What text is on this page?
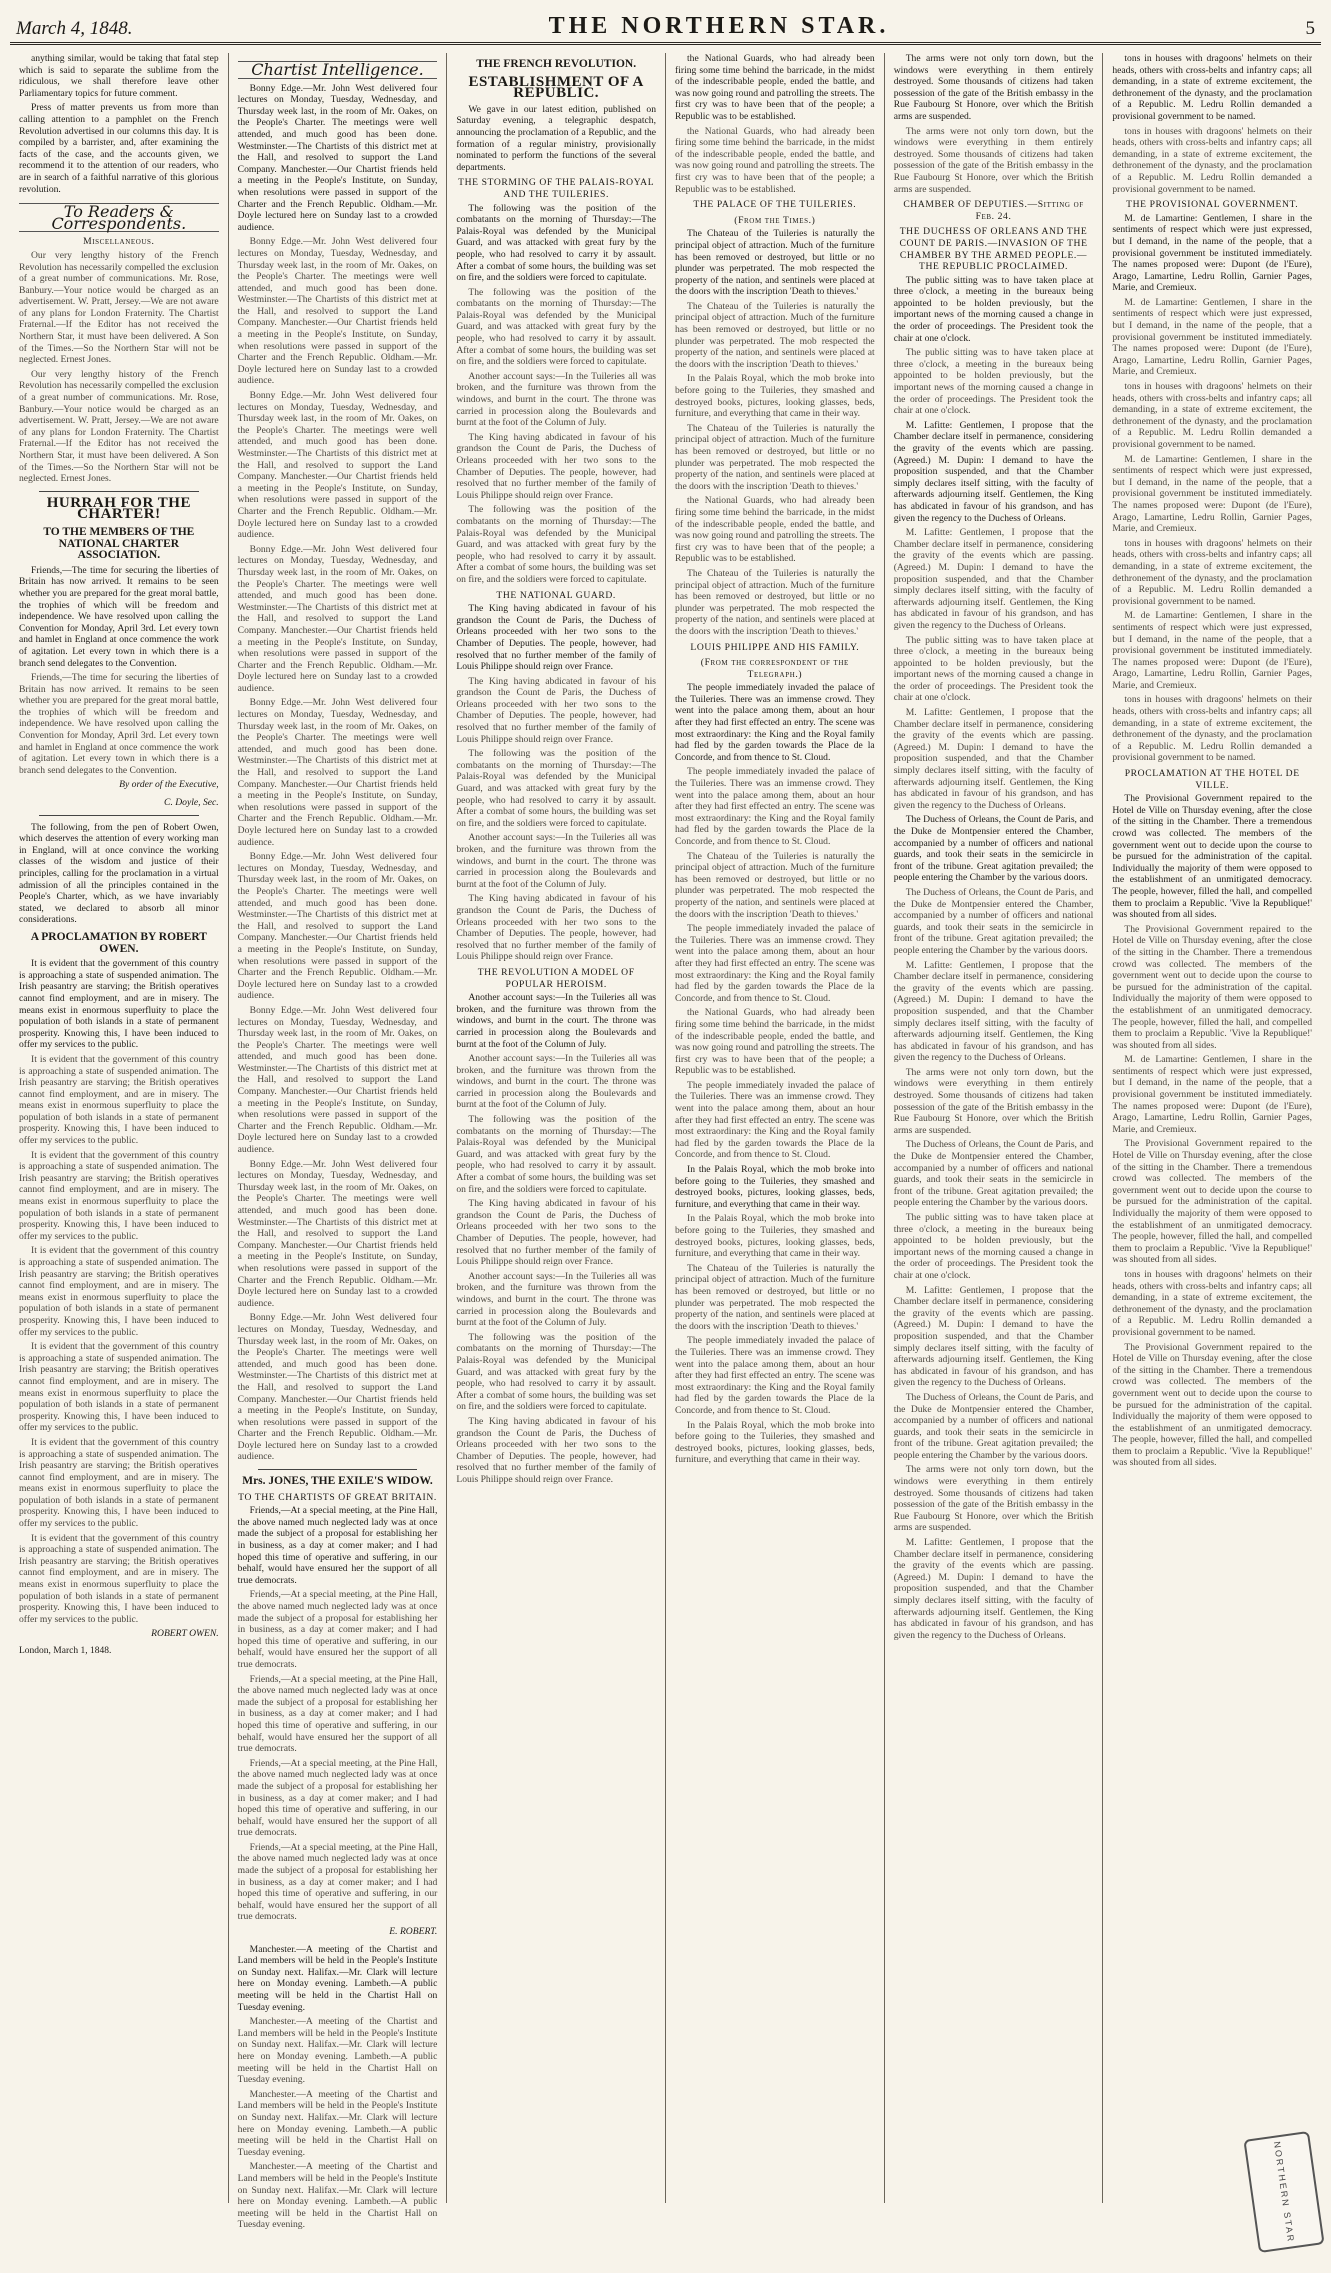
March 4, 1848.	THE NORTHERN STAR.	5

anything similar, would be taking that fatal step which is said to separate the sublime from the ridiculous, we shall therefore leave other Parliamentary topics for future comment.

Press of matter prevents us from more than calling attention to a pamphlet on the French Revolution advertised in our columns this day. It is compiled by a barrister, and, after examining the facts of the case, and the accounts given, we recommend it to the attention of our readers, who are in search of a faithful narrative of this glorious revolution.

To Readers & Correspondents.
Miscellaneous.

Our very lengthy history of the French Revolution has necessarily compelled the exclusion of a great number of communications. Mr. Rose, Banbury.—Your notice would be charged as an advertisement. W. Pratt, Jersey.—We are not aware of any plans for London Fraternity. The Chartist Fraternal.—If the Editor has not received the Northern Star, it must have been delivered. A Son of the Times.—So the Northern Star will not be neglected. Ernest Jones.

Our very lengthy history of the French Revolution has necessarily compelled the exclusion of a great number of communications. Mr. Rose, Banbury.—Your notice would be charged as an advertisement. W. Pratt, Jersey.—We are not aware of any plans for London Fraternity. The Chartist Fraternal.—If the Editor has not received the Northern Star, it must have been delivered. A Son of the Times.—So the Northern Star will not be neglected. Ernest Jones.

HURRAH FOR THE CHARTER!
TO THE MEMBERS OF THE NATIONAL CHARTER ASSOCIATION.

Friends,—The time for securing the liberties of Britain has now arrived. It remains to be seen whether you are prepared for the great moral battle, the trophies of which will be freedom and independence. We have resolved upon calling the Convention for Monday, April 3rd. Let every town and hamlet in England at once commence the work of agitation. Let every town in which there is a branch send delegates to the Convention.

Friends,—The time for securing the liberties of Britain has now arrived. It remains to be seen whether you are prepared for the great moral battle, the trophies of which will be freedom and independence. We have resolved upon calling the Convention for Monday, April 3rd. Let every town and hamlet in England at once commence the work of agitation. Let every town in which there is a branch send delegates to the Convention.

By order of the Executive,
C. Doyle, Sec.

The following, from the pen of Robert Owen, which deserves the attention of every working man in England, will at once convince the working classes of the wisdom and justice of their principles, calling for the proclamation in a virtual admission of all the principles contained in the People's Charter, which, as we have invariably stated, we declared to absorb all minor considerations.

A PROCLAMATION BY ROBERT OWEN.

It is evident that the government of this country is approaching a state of suspended animation. The Irish peasantry are starving; the British operatives cannot find employment, and are in misery. The means exist in enormous superfluity to place the population of both islands in a state of permanent prosperity. Knowing this, I have been induced to offer my services to the public.

It is evident that the government of this country is approaching a state of suspended animation. The Irish peasantry are starving; the British operatives cannot find employment, and are in misery. The means exist in enormous superfluity to place the population of both islands in a state of permanent prosperity. Knowing this, I have been induced to offer my services to the public.

It is evident that the government of this country is approaching a state of suspended animation. The Irish peasantry are starving; the British operatives cannot find employment, and are in misery. The means exist in enormous superfluity to place the population of both islands in a state of permanent prosperity. Knowing this, I have been induced to offer my services to the public.

It is evident that the government of this country is approaching a state of suspended animation. The Irish peasantry are starving; the British operatives cannot find employment, and are in misery. The means exist in enormous superfluity to place the population of both islands in a state of permanent prosperity. Knowing this, I have been induced to offer my services to the public.

It is evident that the government of this country is approaching a state of suspended animation. The Irish peasantry are starving; the British operatives cannot find employment, and are in misery. The means exist in enormous superfluity to place the population of both islands in a state of permanent prosperity. Knowing this, I have been induced to offer my services to the public.

It is evident that the government of this country is approaching a state of suspended animation. The Irish peasantry are starving; the British operatives cannot find employment, and are in misery. The means exist in enormous superfluity to place the population of both islands in a state of permanent prosperity. Knowing this, I have been induced to offer my services to the public.

It is evident that the government of this country is approaching a state of suspended animation. The Irish peasantry are starving; the British operatives cannot find employment, and are in misery. The means exist in enormous superfluity to place the population of both islands in a state of permanent prosperity. Knowing this, I have been induced to offer my services to the public.

ROBERT OWEN.
London, March 1, 1848.
Chartist Intelligence.

Bonny Edge.—Mr. John West delivered four lectures on Monday, Tuesday, Wednesday, and Thursday week last, in the room of Mr. Oakes, on the People's Charter. The meetings were well attended, and much good has been done. Westminster.—The Chartists of this district met at the Hall, and resolved to support the Land Company. Manchester.—Our Chartist friends held a meeting in the People's Institute, on Sunday, when resolutions were passed in support of the Charter and the French Republic. Oldham.—Mr. Doyle lectured here on Sunday last to a crowded audience.

Bonny Edge.—Mr. John West delivered four lectures on Monday, Tuesday, Wednesday, and Thursday week last, in the room of Mr. Oakes, on the People's Charter. The meetings were well attended, and much good has been done. Westminster.—The Chartists of this district met at the Hall, and resolved to support the Land Company. Manchester.—Our Chartist friends held a meeting in the People's Institute, on Sunday, when resolutions were passed in support of the Charter and the French Republic. Oldham.—Mr. Doyle lectured here on Sunday last to a crowded audience.

Bonny Edge.—Mr. John West delivered four lectures on Monday, Tuesday, Wednesday, and Thursday week last, in the room of Mr. Oakes, on the People's Charter. The meetings were well attended, and much good has been done. Westminster.—The Chartists of this district met at the Hall, and resolved to support the Land Company. Manchester.—Our Chartist friends held a meeting in the People's Institute, on Sunday, when resolutions were passed in support of the Charter and the French Republic. Oldham.—Mr. Doyle lectured here on Sunday last to a crowded audience.

Bonny Edge.—Mr. John West delivered four lectures on Monday, Tuesday, Wednesday, and Thursday week last, in the room of Mr. Oakes, on the People's Charter. The meetings were well attended, and much good has been done. Westminster.—The Chartists of this district met at the Hall, and resolved to support the Land Company. Manchester.—Our Chartist friends held a meeting in the People's Institute, on Sunday, when resolutions were passed in support of the Charter and the French Republic. Oldham.—Mr. Doyle lectured here on Sunday last to a crowded audience.

Bonny Edge.—Mr. John West delivered four lectures on Monday, Tuesday, Wednesday, and Thursday week last, in the room of Mr. Oakes, on the People's Charter. The meetings were well attended, and much good has been done. Westminster.—The Chartists of this district met at the Hall, and resolved to support the Land Company. Manchester.—Our Chartist friends held a meeting in the People's Institute, on Sunday, when resolutions were passed in support of the Charter and the French Republic. Oldham.—Mr. Doyle lectured here on Sunday last to a crowded audience.

Bonny Edge.—Mr. John West delivered four lectures on Monday, Tuesday, Wednesday, and Thursday week last, in the room of Mr. Oakes, on the People's Charter. The meetings were well attended, and much good has been done. Westminster.—The Chartists of this district met at the Hall, and resolved to support the Land Company. Manchester.—Our Chartist friends held a meeting in the People's Institute, on Sunday, when resolutions were passed in support of the Charter and the French Republic. Oldham.—Mr. Doyle lectured here on Sunday last to a crowded audience.

Bonny Edge.—Mr. John West delivered four lectures on Monday, Tuesday, Wednesday, and Thursday week last, in the room of Mr. Oakes, on the People's Charter. The meetings were well attended, and much good has been done. Westminster.—The Chartists of this district met at the Hall, and resolved to support the Land Company. Manchester.—Our Chartist friends held a meeting in the People's Institute, on Sunday, when resolutions were passed in support of the Charter and the French Republic. Oldham.—Mr. Doyle lectured here on Sunday last to a crowded audience.

Bonny Edge.—Mr. John West delivered four lectures on Monday, Tuesday, Wednesday, and Thursday week last, in the room of Mr. Oakes, on the People's Charter. The meetings were well attended, and much good has been done. Westminster.—The Chartists of this district met at the Hall, and resolved to support the Land Company. Manchester.—Our Chartist friends held a meeting in the People's Institute, on Sunday, when resolutions were passed in support of the Charter and the French Republic. Oldham.—Mr. Doyle lectured here on Sunday last to a crowded audience.

Bonny Edge.—Mr. John West delivered four lectures on Monday, Tuesday, Wednesday, and Thursday week last, in the room of Mr. Oakes, on the People's Charter. The meetings were well attended, and much good has been done. Westminster.—The Chartists of this district met at the Hall, and resolved to support the Land Company. Manchester.—Our Chartist friends held a meeting in the People's Institute, on Sunday, when resolutions were passed in support of the Charter and the French Republic. Oldham.—Mr. Doyle lectured here on Sunday last to a crowded audience.

Mrs. JONES, THE EXILE'S WIDOW.
TO THE CHARTISTS OF GREAT BRITAIN.

Friends,—At a special meeting, at the Pine Hall, the above named much neglected lady was at once made the subject of a proposal for establishing her in business, as a day at comer maker; and I had hoped this time of operative and suffering, in our behalf, would have ensured her the support of all true democrats.

Friends,—At a special meeting, at the Pine Hall, the above named much neglected lady was at once made the subject of a proposal for establishing her in business, as a day at comer maker; and I had hoped this time of operative and suffering, in our behalf, would have ensured her the support of all true democrats.

Friends,—At a special meeting, at the Pine Hall, the above named much neglected lady was at once made the subject of a proposal for establishing her in business, as a day at comer maker; and I had hoped this time of operative and suffering, in our behalf, would have ensured her the support of all true democrats.

Friends,—At a special meeting, at the Pine Hall, the above named much neglected lady was at once made the subject of a proposal for establishing her in business, as a day at comer maker; and I had hoped this time of operative and suffering, in our behalf, would have ensured her the support of all true democrats.

Friends,—At a special meeting, at the Pine Hall, the above named much neglected lady was at once made the subject of a proposal for establishing her in business, as a day at comer maker; and I had hoped this time of operative and suffering, in our behalf, would have ensured her the support of all true democrats.

E. ROBERT.

Manchester.—A meeting of the Chartist and Land members will be held in the People's Institute on Sunday next. Halifax.—Mr. Clark will lecture here on Monday evening. Lambeth.—A public meeting will be held in the Chartist Hall on Tuesday evening.

Manchester.—A meeting of the Chartist and Land members will be held in the People's Institute on Sunday next. Halifax.—Mr. Clark will lecture here on Monday evening. Lambeth.—A public meeting will be held in the Chartist Hall on Tuesday evening.

Manchester.—A meeting of the Chartist and Land members will be held in the People's Institute on Sunday next. Halifax.—Mr. Clark will lecture here on Monday evening. Lambeth.—A public meeting will be held in the Chartist Hall on Tuesday evening.

Manchester.—A meeting of the Chartist and Land members will be held in the People's Institute on Sunday next. Halifax.—Mr. Clark will lecture here on Monday evening. Lambeth.—A public meeting will be held in the Chartist Hall on Tuesday evening.

THE FRENCH REVOLUTION.
ESTABLISHMENT OF A REPUBLIC.

We gave in our latest edition, published on Saturday evening, a telegraphic despatch, announcing the proclamation of a Republic, and the formation of a regular ministry, provisionally nominated to perform the functions of the several departments.

THE STORMING OF THE PALAIS-ROYAL AND THE TUILERIES.

The following was the position of the combatants on the morning of Thursday:—The Palais-Royal was defended by the Municipal Guard, and was attacked with great fury by the people, who had resolved to carry it by assault. After a combat of some hours, the building was set on fire, and the soldiers were forced to capitulate.

The following was the position of the combatants on the morning of Thursday:—The Palais-Royal was defended by the Municipal Guard, and was attacked with great fury by the people, who had resolved to carry it by assault. After a combat of some hours, the building was set on fire, and the soldiers were forced to capitulate.

Another account says:—In the Tuileries all was broken, and the furniture was thrown from the windows, and burnt in the court. The throne was carried in procession along the Boulevards and burnt at the foot of the Column of July.

The King having abdicated in favour of his grandson the Count de Paris, the Duchess of Orleans proceeded with her two sons to the Chamber of Deputies. The people, however, had resolved that no further member of the family of Louis Philippe should reign over France.

The following was the position of the combatants on the morning of Thursday:—The Palais-Royal was defended by the Municipal Guard, and was attacked with great fury by the people, who had resolved to carry it by assault. After a combat of some hours, the building was set on fire, and the soldiers were forced to capitulate.

THE NATIONAL GUARD.

The King having abdicated in favour of his grandson the Count de Paris, the Duchess of Orleans proceeded with her two sons to the Chamber of Deputies. The people, however, had resolved that no further member of the family of Louis Philippe should reign over France.

The King having abdicated in favour of his grandson the Count de Paris, the Duchess of Orleans proceeded with her two sons to the Chamber of Deputies. The people, however, had resolved that no further member of the family of Louis Philippe should reign over France.

The following was the position of the combatants on the morning of Thursday:—The Palais-Royal was defended by the Municipal Guard, and was attacked with great fury by the people, who had resolved to carry it by assault. After a combat of some hours, the building was set on fire, and the soldiers were forced to capitulate.

Another account says:—In the Tuileries all was broken, and the furniture was thrown from the windows, and burnt in the court. The throne was carried in procession along the Boulevards and burnt at the foot of the Column of July.

The King having abdicated in favour of his grandson the Count de Paris, the Duchess of Orleans proceeded with her two sons to the Chamber of Deputies. The people, however, had resolved that no further member of the family of Louis Philippe should reign over France.

THE REVOLUTION A MODEL OF POPULAR HEROISM.

Another account says:—In the Tuileries all was broken, and the furniture was thrown from the windows, and burnt in the court. The throne was carried in procession along the Boulevards and burnt at the foot of the Column of July.

Another account says:—In the Tuileries all was broken, and the furniture was thrown from the windows, and burnt in the court. The throne was carried in procession along the Boulevards and burnt at the foot of the Column of July.

The following was the position of the combatants on the morning of Thursday:—The Palais-Royal was defended by the Municipal Guard, and was attacked with great fury by the people, who had resolved to carry it by assault. After a combat of some hours, the building was set on fire, and the soldiers were forced to capitulate.

The King having abdicated in favour of his grandson the Count de Paris, the Duchess of Orleans proceeded with her two sons to the Chamber of Deputies. The people, however, had resolved that no further member of the family of Louis Philippe should reign over France.

Another account says:—In the Tuileries all was broken, and the furniture was thrown from the windows, and burnt in the court. The throne was carried in procession along the Boulevards and burnt at the foot of the Column of July.

The following was the position of the combatants on the morning of Thursday:—The Palais-Royal was defended by the Municipal Guard, and was attacked with great fury by the people, who had resolved to carry it by assault. After a combat of some hours, the building was set on fire, and the soldiers were forced to capitulate.

The King having abdicated in favour of his grandson the Count de Paris, the Duchess of Orleans proceeded with her two sons to the Chamber of Deputies. The people, however, had resolved that no further member of the family of Louis Philippe should reign over France.

the National Guards, who had already been firing some time behind the barricade, in the midst of the indescribable people, ended the battle, and was now going round and patrolling the streets. The first cry was to have been that of the people; a Republic was to be established.

the National Guards, who had already been firing some time behind the barricade, in the midst of the indescribable people, ended the battle, and was now going round and patrolling the streets. The first cry was to have been that of the people; a Republic was to be established.

THE PALACE OF THE TUILERIES.
(From the Times.)

The Chateau of the Tuileries is naturally the principal object of attraction. Much of the furniture has been removed or destroyed, but little or no plunder was perpetrated. The mob respected the property of the nation, and sentinels were placed at the doors with the inscription 'Death to thieves.'

The Chateau of the Tuileries is naturally the principal object of attraction. Much of the furniture has been removed or destroyed, but little or no plunder was perpetrated. The mob respected the property of the nation, and sentinels were placed at the doors with the inscription 'Death to thieves.'

In the Palais Royal, which the mob broke into before going to the Tuileries, they smashed and destroyed books, pictures, looking glasses, beds, furniture, and everything that came in their way.

The Chateau of the Tuileries is naturally the principal object of attraction. Much of the furniture has been removed or destroyed, but little or no plunder was perpetrated. The mob respected the property of the nation, and sentinels were placed at the doors with the inscription 'Death to thieves.'

the National Guards, who had already been firing some time behind the barricade, in the midst of the indescribable people, ended the battle, and was now going round and patrolling the streets. The first cry was to have been that of the people; a Republic was to be established.

The Chateau of the Tuileries is naturally the principal object of attraction. Much of the furniture has been removed or destroyed, but little or no plunder was perpetrated. The mob respected the property of the nation, and sentinels were placed at the doors with the inscription 'Death to thieves.'

LOUIS PHILIPPE AND HIS FAMILY.
(From the correspondent of the Telegraph.)

The people immediately invaded the palace of the Tuileries. There was an immense crowd. They went into the palace among them, about an hour after they had first effected an entry. The scene was most extraordinary: the King and the Royal family had fled by the garden towards the Place de la Concorde, and from thence to St. Cloud.

The people immediately invaded the palace of the Tuileries. There was an immense crowd. They went into the palace among them, about an hour after they had first effected an entry. The scene was most extraordinary: the King and the Royal family had fled by the garden towards the Place de la Concorde, and from thence to St. Cloud.

The Chateau of the Tuileries is naturally the principal object of attraction. Much of the furniture has been removed or destroyed, but little or no plunder was perpetrated. The mob respected the property of the nation, and sentinels were placed at the doors with the inscription 'Death to thieves.'

The people immediately invaded the palace of the Tuileries. There was an immense crowd. They went into the palace among them, about an hour after they had first effected an entry. The scene was most extraordinary: the King and the Royal family had fled by the garden towards the Place de la Concorde, and from thence to St. Cloud.

the National Guards, who had already been firing some time behind the barricade, in the midst of the indescribable people, ended the battle, and was now going round and patrolling the streets. The first cry was to have been that of the people; a Republic was to be established.

The people immediately invaded the palace of the Tuileries. There was an immense crowd. They went into the palace among them, about an hour after they had first effected an entry. The scene was most extraordinary: the King and the Royal family had fled by the garden towards the Place de la Concorde, and from thence to St. Cloud.

In the Palais Royal, which the mob broke into before going to the Tuileries, they smashed and destroyed books, pictures, looking glasses, beds, furniture, and everything that came in their way.

In the Palais Royal, which the mob broke into before going to the Tuileries, they smashed and destroyed books, pictures, looking glasses, beds, furniture, and everything that came in their way.

The Chateau of the Tuileries is naturally the principal object of attraction. Much of the furniture has been removed or destroyed, but little or no plunder was perpetrated. The mob respected the property of the nation, and sentinels were placed at the doors with the inscription 'Death to thieves.'

The people immediately invaded the palace of the Tuileries. There was an immense crowd. They went into the palace among them, about an hour after they had first effected an entry. The scene was most extraordinary: the King and the Royal family had fled by the garden towards the Place de la Concorde, and from thence to St. Cloud.

In the Palais Royal, which the mob broke into before going to the Tuileries, they smashed and destroyed books, pictures, looking glasses, beds, furniture, and everything that came in their way.

The arms were not only torn down, but the windows were everything in them entirely destroyed. Some thousands of citizens had taken possession of the gate of the British embassy in the Rue Faubourg St Honore, over which the British arms are suspended.

The arms were not only torn down, but the windows were everything in them entirely destroyed. Some thousands of citizens had taken possession of the gate of the British embassy in the Rue Faubourg St Honore, over which the British arms are suspended.

CHAMBER OF DEPUTIES.—Sitting of Feb. 24.
THE DUCHESS OF ORLEANS AND THE COUNT DE PARIS.—INVASION OF THE CHAMBER BY THE ARMED PEOPLE.—THE REPUBLIC PROCLAIMED.

The public sitting was to have taken place at three o'clock, a meeting in the bureaux being appointed to be holden previously, but the important news of the morning caused a change in the order of proceedings. The President took the chair at one o'clock.

The public sitting was to have taken place at three o'clock, a meeting in the bureaux being appointed to be holden previously, but the important news of the morning caused a change in the order of proceedings. The President took the chair at one o'clock.

M. Lafitte: Gentlemen, I propose that the Chamber declare itself in permanence, considering the gravity of the events which are passing. (Agreed.) M. Dupin: I demand to have the proposition suspended, and that the Chamber simply declares itself sitting, with the faculty of afterwards adjourning itself. Gentlemen, the King has abdicated in favour of his grandson, and has given the regency to the Duchess of Orleans.

M. Lafitte: Gentlemen, I propose that the Chamber declare itself in permanence, considering the gravity of the events which are passing. (Agreed.) M. Dupin: I demand to have the proposition suspended, and that the Chamber simply declares itself sitting, with the faculty of afterwards adjourning itself. Gentlemen, the King has abdicated in favour of his grandson, and has given the regency to the Duchess of Orleans.

The public sitting was to have taken place at three o'clock, a meeting in the bureaux being appointed to be holden previously, but the important news of the morning caused a change in the order of proceedings. The President took the chair at one o'clock.

M. Lafitte: Gentlemen, I propose that the Chamber declare itself in permanence, considering the gravity of the events which are passing. (Agreed.) M. Dupin: I demand to have the proposition suspended, and that the Chamber simply declares itself sitting, with the faculty of afterwards adjourning itself. Gentlemen, the King has abdicated in favour of his grandson, and has given the regency to the Duchess of Orleans.

The Duchess of Orleans, the Count de Paris, and the Duke de Montpensier entered the Chamber, accompanied by a number of officers and national guards, and took their seats in the semicircle in front of the tribune. Great agitation prevailed; the people entering the Chamber by the various doors.

The Duchess of Orleans, the Count de Paris, and the Duke de Montpensier entered the Chamber, accompanied by a number of officers and national guards, and took their seats in the semicircle in front of the tribune. Great agitation prevailed; the people entering the Chamber by the various doors.

M. Lafitte: Gentlemen, I propose that the Chamber declare itself in permanence, considering the gravity of the events which are passing. (Agreed.) M. Dupin: I demand to have the proposition suspended, and that the Chamber simply declares itself sitting, with the faculty of afterwards adjourning itself. Gentlemen, the King has abdicated in favour of his grandson, and has given the regency to the Duchess of Orleans.

The arms were not only torn down, but the windows were everything in them entirely destroyed. Some thousands of citizens had taken possession of the gate of the British embassy in the Rue Faubourg St Honore, over which the British arms are suspended.

The Duchess of Orleans, the Count de Paris, and the Duke de Montpensier entered the Chamber, accompanied by a number of officers and national guards, and took their seats in the semicircle in front of the tribune. Great agitation prevailed; the people entering the Chamber by the various doors.

The public sitting was to have taken place at three o'clock, a meeting in the bureaux being appointed to be holden previously, but the important news of the morning caused a change in the order of proceedings. The President took the chair at one o'clock.

M. Lafitte: Gentlemen, I propose that the Chamber declare itself in permanence, considering the gravity of the events which are passing. (Agreed.) M. Dupin: I demand to have the proposition suspended, and that the Chamber simply declares itself sitting, with the faculty of afterwards adjourning itself. Gentlemen, the King has abdicated in favour of his grandson, and has given the regency to the Duchess of Orleans.

The Duchess of Orleans, the Count de Paris, and the Duke de Montpensier entered the Chamber, accompanied by a number of officers and national guards, and took their seats in the semicircle in front of the tribune. Great agitation prevailed; the people entering the Chamber by the various doors.

The arms were not only torn down, but the windows were everything in them entirely destroyed. Some thousands of citizens had taken possession of the gate of the British embassy in the Rue Faubourg St Honore, over which the British arms are suspended.

M. Lafitte: Gentlemen, I propose that the Chamber declare itself in permanence, considering the gravity of the events which are passing. (Agreed.) M. Dupin: I demand to have the proposition suspended, and that the Chamber simply declares itself sitting, with the faculty of afterwards adjourning itself. Gentlemen, the King has abdicated in favour of his grandson, and has given the regency to the Duchess of Orleans.

tons in houses with dragoons' helmets on their heads, others with cross-belts and infantry caps; all demanding, in a state of extreme excitement, the dethronement of the dynasty, and the proclamation of a Republic. M. Ledru Rollin demanded a provisional government to be named.

tons in houses with dragoons' helmets on their heads, others with cross-belts and infantry caps; all demanding, in a state of extreme excitement, the dethronement of the dynasty, and the proclamation of a Republic. M. Ledru Rollin demanded a provisional government to be named.

THE PROVISIONAL GOVERNMENT.

M. de Lamartine: Gentlemen, I share in the sentiments of respect which were just expressed, but I demand, in the name of the people, that a provisional government be instituted immediately. The names proposed were: Dupont (de l'Eure), Arago, Lamartine, Ledru Rollin, Garnier Pages, Marie, and Cremieux.

M. de Lamartine: Gentlemen, I share in the sentiments of respect which were just expressed, but I demand, in the name of the people, that a provisional government be instituted immediately. The names proposed were: Dupont (de l'Eure), Arago, Lamartine, Ledru Rollin, Garnier Pages, Marie, and Cremieux.

tons in houses with dragoons' helmets on their heads, others with cross-belts and infantry caps; all demanding, in a state of extreme excitement, the dethronement of the dynasty, and the proclamation of a Republic. M. Ledru Rollin demanded a provisional government to be named.

M. de Lamartine: Gentlemen, I share in the sentiments of respect which were just expressed, but I demand, in the name of the people, that a provisional government be instituted immediately. The names proposed were: Dupont (de l'Eure), Arago, Lamartine, Ledru Rollin, Garnier Pages, Marie, and Cremieux.

tons in houses with dragoons' helmets on their heads, others with cross-belts and infantry caps; all demanding, in a state of extreme excitement, the dethronement of the dynasty, and the proclamation of a Republic. M. Ledru Rollin demanded a provisional government to be named.

M. de Lamartine: Gentlemen, I share in the sentiments of respect which were just expressed, but I demand, in the name of the people, that a provisional government be instituted immediately. The names proposed were: Dupont (de l'Eure), Arago, Lamartine, Ledru Rollin, Garnier Pages, Marie, and Cremieux.

tons in houses with dragoons' helmets on their heads, others with cross-belts and infantry caps; all demanding, in a state of extreme excitement, the dethronement of the dynasty, and the proclamation of a Republic. M. Ledru Rollin demanded a provisional government to be named.

PROCLAMATION AT THE HOTEL DE VILLE.

The Provisional Government repaired to the Hotel de Ville on Thursday evening, after the close of the sitting in the Chamber. There a tremendous crowd was collected. The members of the government went out to decide upon the course to be pursued for the administration of the capital. Individually the majority of them were opposed to the establishment of an unmitigated democracy. The people, however, filled the hall, and compelled them to proclaim a Republic. 'Vive la Republique!' was shouted from all sides.

The Provisional Government repaired to the Hotel de Ville on Thursday evening, after the close of the sitting in the Chamber. There a tremendous crowd was collected. The members of the government went out to decide upon the course to be pursued for the administration of the capital. Individually the majority of them were opposed to the establishment of an unmitigated democracy. The people, however, filled the hall, and compelled them to proclaim a Republic. 'Vive la Republique!' was shouted from all sides.

M. de Lamartine: Gentlemen, I share in the sentiments of respect which were just expressed, but I demand, in the name of the people, that a provisional government be instituted immediately. The names proposed were: Dupont (de l'Eure), Arago, Lamartine, Ledru Rollin, Garnier Pages, Marie, and Cremieux.

The Provisional Government repaired to the Hotel de Ville on Thursday evening, after the close of the sitting in the Chamber. There a tremendous crowd was collected. The members of the government went out to decide upon the course to be pursued for the administration of the capital. Individually the majority of them were opposed to the establishment of an unmitigated democracy. The people, however, filled the hall, and compelled them to proclaim a Republic. 'Vive la Republique!' was shouted from all sides.

tons in houses with dragoons' helmets on their heads, others with cross-belts and infantry caps; all demanding, in a state of extreme excitement, the dethronement of the dynasty, and the proclamation of a Republic. M. Ledru Rollin demanded a provisional government to be named.

The Provisional Government repaired to the Hotel de Ville on Thursday evening, after the close of the sitting in the Chamber. There a tremendous crowd was collected. The members of the government went out to decide upon the course to be pursued for the administration of the capital. Individually the majority of them were opposed to the establishment of an unmitigated democracy. The people, however, filled the hall, and compelled them to proclaim a Republic. 'Vive la Republique!' was shouted from all sides.

NORTHERN STAR
